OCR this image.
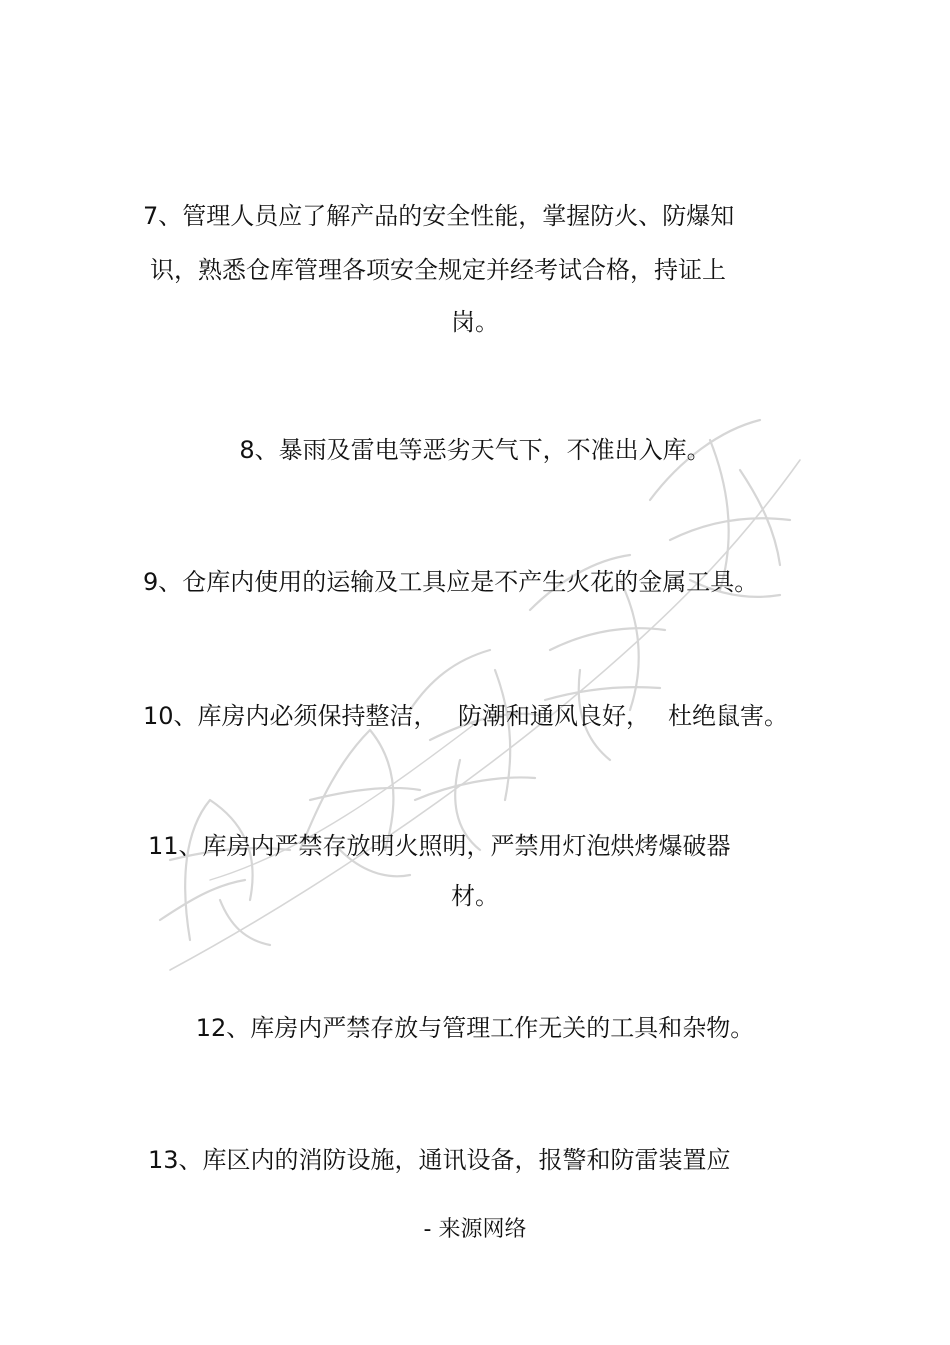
7、管理人员应了解产品的安全性能，掌握防火、防爆知
识，熟悉仓库管理各项安全规定并经考试合格，持证上
岗。
8、暴雨及雷电等恶劣天气下，不准出入库。
9、仓库内使用的运输及工具应是不产生火花的金属工具。
10、库房内必须保持整洁， 防潮和通风良好， 杜绝鼠害。
11、库房内严禁存放明火照明，严禁用灯泡烘烤爆破器
材。
12、库房内严禁存放与管理工作无关的工具和杂物。
13、库区内的消防设施，通讯设备，报警和防雷装置应
- 来源网络
